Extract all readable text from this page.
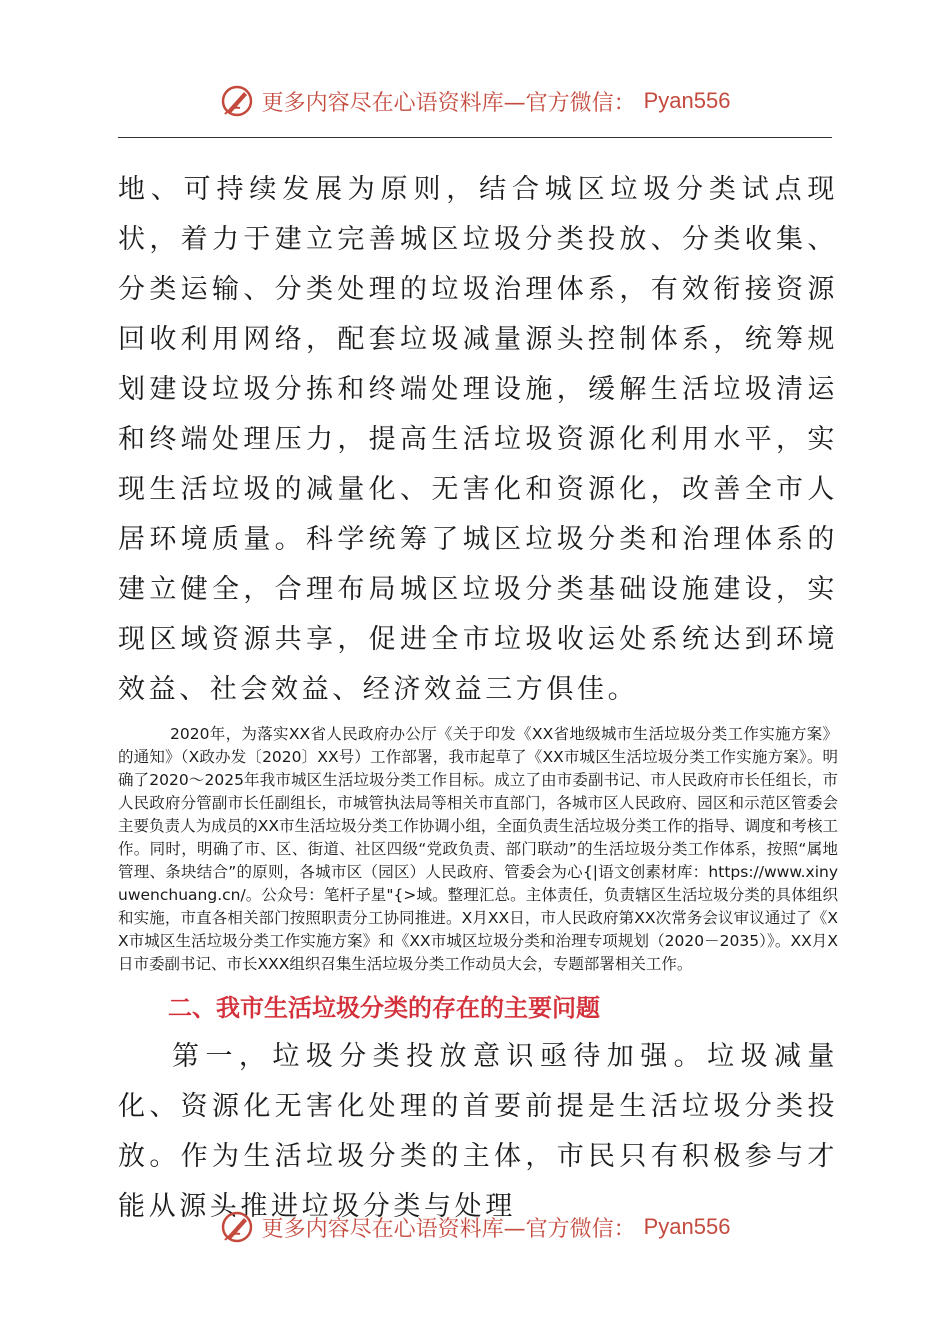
更多内容尽在心语资料库—官方微信： Pyan556

地、可持续发展为原则，结合城区垃圾分类试点现状，着力于建立完善城区垃圾分类投放、分类收集、分类运输、分类处理的垃圾治理体系，有效衔接资源回收利用网络，配套垃圾减量源头控制体系，统筹规划建设垃圾分拣和终端处理设施，缓解生活垃圾清运和终端处理压力，提高生活垃圾资源化利用水平，实现生活垃圾的减量化、无害化和资源化，改善全市人居环境质量。科学统筹了城区垃圾分类和治理体系的建立健全，合理布局城区垃圾分类基础设施建设，实现区域资源共享，促进全市垃圾收运处系统达到环境效益、社会效益、经济效益三方俱佳。

2020年，为落实XX省人民政府办公厅《关于印发《XX省地级城市生活垃圾分类工作实施方案》的通知》（X政办发〔2020〕XX号）工作部署，我市起草了《XX市城区生活垃圾分类工作实施方案》。明确了2020～2025年我市城区生活垃圾分类工作目标。成立了由市委副书记、市人民政府市长任组长，市人民政府分管副市长任副组长，市城管执法局等相关市直部门，各城市区人民政府、园区和示范区管委会主要负责人为成员的XX市生活垃圾分类工作协调小组，全面负责生活垃圾分类工作的指导、调度和考核工作。同时，明确了市、区、街道、社区四级“党政负责、部门联动”的生活垃圾分类工作体系，按照“属地管理、条块结合”的原则，各城市区（园区）人民政府、管委会为心{|语文创素材库：https://www.xinyuwenchuang.cn/。公众号：笔杆子星"{>域。整理汇总。主体责任，负责辖区生活垃圾分类的具体组织和实施，市直各相关部门按照职责分工协同推进。X月XX日，市人民政府第XX次常务会议审议通过了《XX市城区生活垃圾分类工作实施方案》和《XX市城区垃圾分类和治理专项规划（2020－2035）》。XX月X日市委副书记、市长XXX组织召集生活垃圾分类工作动员大会，专题部署相关工作。

二、我市生活垃圾分类的存在的主要问题

第一，垃圾分类投放意识亟待加强。垃圾减量化、资源化无害化处理的首要前提是生活垃圾分类投放。作为生活垃圾分类的主体，市民只有积极参与才能从源头推进垃圾分类与处理

更多内容尽在心语资料库—官方微信： Pyan556
